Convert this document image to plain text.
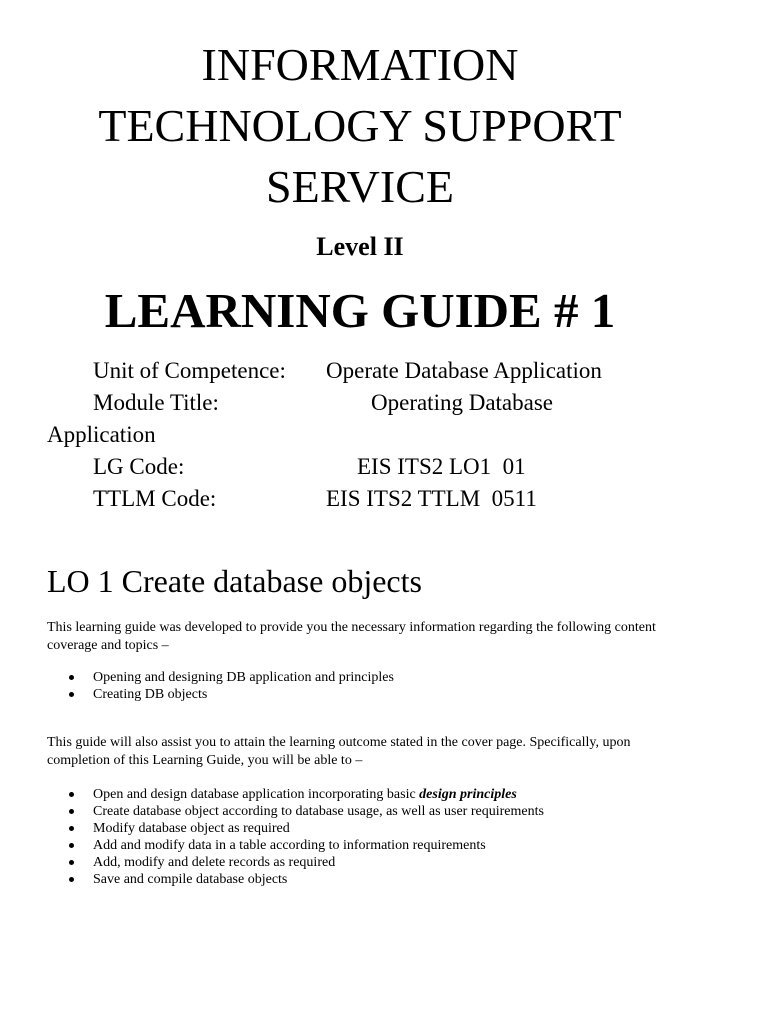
INFORMATION
TECHNOLOGY SUPPORT
SERVICE
Level II
LEARNING GUIDE # 1
Unit of Competence: Operate Database Application
Module Title:	Operating Database
Application
LG Code:	EIS ITS2 LO1  01
TTLM Code:	EIS ITS2 TTLM  0511
LO 1 Create database objects
This learning guide was developed to provide you the necessary information regarding the following content coverage and topics –
Opening and designing DB application and principles
Creating DB objects
This guide will also assist you to attain the learning outcome stated in the cover page. Specifically, upon completion of this Learning Guide, you will be able to –
Open and design database application incorporating basic design principles
Create database object according to database usage, as well as user requirements
Modify database object as required
Add and modify data in a table according to information requirements
Add, modify and delete records as required
Save and compile database objects
